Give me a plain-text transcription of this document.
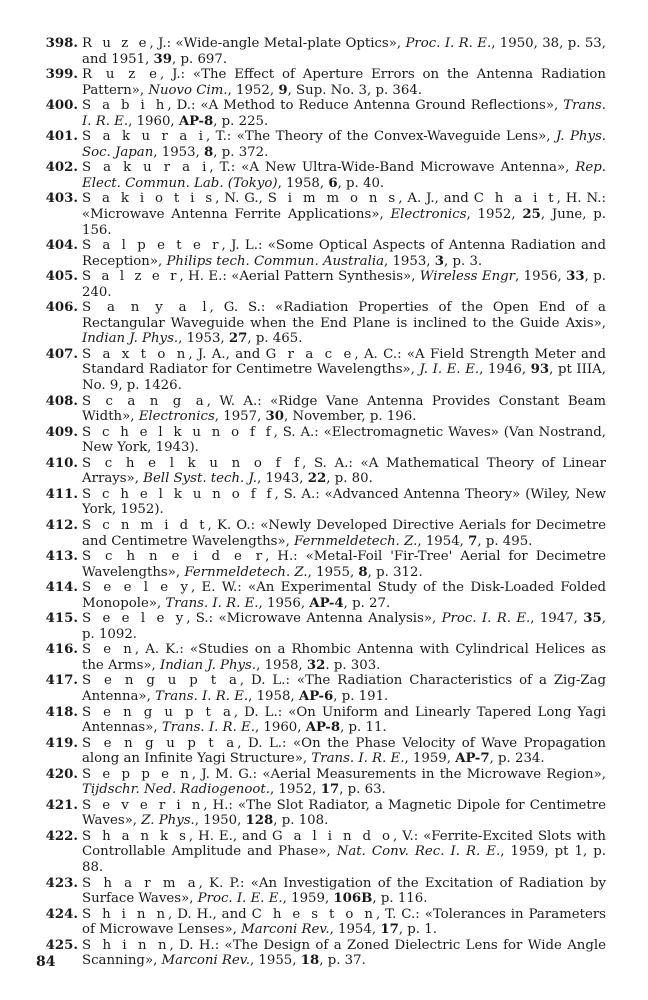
398. R u z e, J.: «Wide-angle Metal-plate Optics», Proc. I. R. E., 1950, 38, p. 53, and 1951, 39, p. 697.
399. R u z e, J.: «The Effect of Aperture Errors on the Antenna Radiation Pattern», Nuovo Cim., 1952, 9, Sup. No. 3, p. 364.
400. S a b i h, D.: «A Method to Reduce Antenna Ground Reflections», Trans. I. R. E., 1960, AP-8, p. 225.
401. S a k u r a i, T.: «The Theory of the Convex-Waveguide Lens», J. Phys. Soc. Japan, 1953, 8, p. 372.
402. S a k u r a i, T.: «A New Ultra-Wide-Band Microwave Antenna», Rep. Elect. Commun. Lab. (Tokyo), 1958, 6, p. 40.
403. S a k i o t i s, N. G., S i m m o n s, A. J., and C h a i t, H. N.: «Microwave Antenna Ferrite Applications», Electronics, 1952, 25, June, p. 156.
404. S a l p e t e r, J. L.: «Some Optical Aspects of Antenna Radiation and Reception», Philips tech. Commun. Australia, 1953, 3, p. 3.
405. S a l z e r, H. E.: «Aerial Pattern Synthesis», Wireless Engr, 1956, 33, p. 240.
406. S a n y a l, G. S.: «Radiation Properties of the Open End of a Rectangular Waveguide when the End Plane is inclined to the Guide Axis», Indian J. Phys., 1953, 27, p. 465.
407. S a x t o n, J. A., and G r a c e, A. C.: «A Field Strength Meter and Standard Radiator for Centimetre Wavelengths», J. I. E. E., 1946, 93, pt IIIA, No. 9, p. 1426.
408. S c a n g a, W. A.: «Ridge Vane Antenna Provides Constant Beam Width», Electronics, 1957, 30, November, p. 196.
409. S c h e l k u n o f f, S. A.: «Electromagnetic Waves» (Van Nostrand, New York, 1943).
410. S c h e l k u n o f f, S. A.: «A Mathematical Theory of Linear Arrays», Bell Syst. tech. J., 1943, 22, p. 80.
411. S c h e l k u n o f f, S. A.: «Advanced Antenna Theory» (Wiley, New York, 1952).
412. S c n m i d t, K. O.: «Newly Developed Directive Aerials for Decimetre and Centimetre Wavelengths», Fernmeldetech. Z., 1954, 7, p. 495.
413. S c h n e i d e r, H.: «Metal-Foil 'Fir-Tree' Aerial for Decimetre Wavelengths», Fernmeldetech. Z., 1955, 8, p. 312.
414. S e e l e y, E. W.: «An Experimental Study of the Disk-Loaded Folded Monopole», Trans. I. R. E., 1956, AP-4, p. 27.
415. S e e l e y, S.: «Microwave Antenna Analysis», Proc. I. R. E., 1947, 35, p. 1092.
416. S e n, A. K.: «Studies on a Rhombic Antenna with Cylindrical Helices as the Arms», Indian J. Phys., 1958, 32. p. 303.
417. S e n g u p t a, D. L.: «The Radiation Characteristics of a Zig-Zag Antenna», Trans. I. R. E., 1958, AP-6, p. 191.
418. S e n g u p t a, D. L.: «On Uniform and Linearly Tapered Long Yagi Antennas», Trans. I. R. E., 1960, AP-8, p. 11.
419. S e n g u p t a, D. L.: «On the Phase Velocity of Wave Propagation along an Infinite Yagi Structure», Trans. I. R. E., 1959, AP-7, p. 234.
420. S e p p e n, J. M. G.: «Aerial Measurements in the Microwave Region», Tijdschr. Ned. Radiogenoot., 1952, 17, p. 63.
421. S e v e r i n, H.: «The Slot Radiator, a Magnetic Dipole for Centimetre Waves», Z. Phys., 1950, 128, p. 108.
422. S h a n k s, H. E., and G a l i n d o, V.: «Ferrite-Excited Slots with Controllable Amplitude and Phase», Nat. Conv. Rec. I. R. E., 1959, pt 1, p. 88.
423. S h a r m a, K. P.: «An Investigation of the Excitation of Radiation by Surface Waves», Proc. I. E. E., 1959, 106B, p. 116.
424. S h i n n, D. H., and C h e s t o n, T. C.: «Tolerances in Parameters of Microwave Lenses», Marconi Rev., 1954, 17, p. 1.
425. S h i n n, D. H.: «The Design of a Zoned Dielectric Lens for Wide Angle Scanning», Marconi Rev., 1955, 18, p. 37.
84
